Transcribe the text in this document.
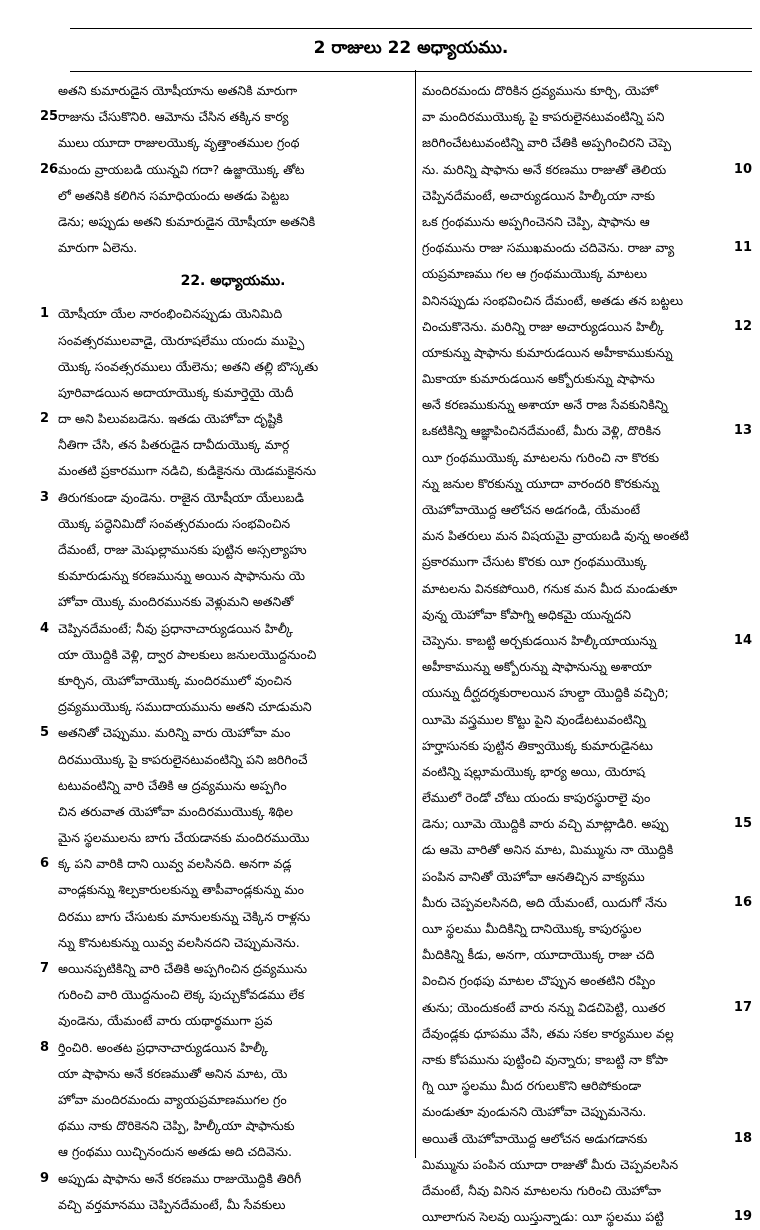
2 రాజులు 22 అధ్యాయము.
అతని కుమారుడైన యోషీయాను అతనికి మారుగా
25 రాజును చేసుకొనిరి. ఆమోను చేసిన తక్కిన కార్య
ములు యూదా రాజులయొక్క వృత్తాంతముల గ్రంథ
26 మందు వ్రాయబడి యున్నవి గదా? ఉజ్జాయొక్క తోట
లో అతనికి కలిగిన సమాధియందు అతడు పెట్టబ
డెను; అప్పుడు అతని కుమారుడైన యోషీయా అతనికి
మారుగా ఏలెను.
22. అధ్యాయము.
1 యోషీయా యేల నారంభించినప్పుడు యెనిమిది
సంవత్సరములవాడై, యెరూషలేము యందు ముప్పై
యొక్క సంవత్సరములు యేలెను; అతని తల్లి బొస్కతు
పూరివాడయిన అదాయాయొక్క కుమార్తెయై యెదీ
2 దా అని పిలువబడెను. ఇతడు యెహోవా దృష్టికి
నీతిగా చేసి, తన పితరుడైన దావీదుయొక్క మార్గ
మంతటి ప్రకారముగా నడిచి, కుడికైనను యెడమకైనను
3 తిరుగకుండా వుండెను. రాజైన యోషీయా యేలుబడి
యొక్క పద్ధెనిమిదో సంవత్సరమందు సంభవించిన
దేమంటే, రాజు మెషుల్లామునకు పుట్టిన అస్సల్యాహు
కుమారుడున్ను కరణమున్ను అయిన షాఫానును యె
హోవా యొక్క మందిరమునకు వెళ్లుమని అతనితో
4 చెప్పినదేమంటే; నీవు ప్రధానాచార్యుడయిన హిల్కీ
యా యొద్దికి వెళ్లి, ద్వార పాలకులు జనులయొద్దనుంచి
కూర్చిన, యెహోవాయొక్క మందిరములో వుంచిన
ద్రవ్యముయొక్క సముదాయమును అతని చూడుమని
5 అతనితో చెప్పుము. మరిన్ని వారు యెహోవా మం
దిరముయొక్క పై కాపరులైనటువంటిన్ని పని జరిగించే
టటువంటిన్ని వారి చేతికి ఆ ద్రవ్యమును అప్పగిం
చిన తరువాత యెహోవా మందిరముయొక్క శిథిల
మైన స్థలములను బాగు చేయడానకు మందిరముయొ
6 క్క పని వారికి దాని యివ్వ వలసినది. అనగా వడ్ల
వాండ్లకున్ను శిల్పకారులకున్ను తాపీవాండ్లకున్ను మం
దిరము బాగు చేసుటకు మానులకున్ను చెక్కిన రాళ్లను
న్ను కొనుటకున్ను యివ్వ వలసినదని చెప్పుమనెను.
7 అయినప్పటికిన్ని వారి చేతికి అప్పగించిన ద్రవ్యమును
గురించి వారి యొద్దనుంచి లెక్క పుచ్చుకోవడము లేక
వుండెను, యేమంటే వారు యథార్థముగా ప్రవ
8 ర్తించిరి. అంతట ప్రధానాచార్యుడయిన హిల్కీ
యా షాఫాను అనే కరణముతో అనిన మాట, యె
హోవా మందిరమందు వ్యాయప్రమాణముగల గ్రం
థము నాకు దొరికెనని చెప్పి, హిల్కీయా షాఫానుకు
ఆ గ్రంథము యిచ్చినందున అతడు అది చదివెను.
9 అప్పుడు షాఫాను అనే కరణము రాజుయొద్దికి తిరిగీ
వచ్చి వర్తమానము చెప్పినదేమంటే, మీ సేవకులు
మందిరమందు దొరికిన ద్రవ్యమును కూర్చి, యెహో
వా మందిరముయొక్క పై కాపరులైనటువంటిన్ని పని
జరిగించేటటువంటిన్ని వారి చేతికి అప్పగించిరని చెప్పె
10
ను. మరిన్ని షాఫాను అనే కరణము రాజుతో తెలియ
చెప్పినదేమంటే, అచార్యుడయిన హిల్కీయా నాకు
ఒక గ్రంథమును అప్పగించెనని చెప్పి, షాఫాను ఆ
11
గ్రంథమును రాజు సముఖమందు చదివెను. రాజు వ్యా
యప్రమాణము గల ఆ గ్రంథముయొక్క మాటలు
వినినప్పుడు సంభవించిన దేమంటే, అతడు తన బట్టలు
12
చించుకొనెను. మరిన్ని రాజు అచార్యుడయిన హిల్కీ
యాకున్ను షాఫాను కుమారుడయిన అహీకాముకున్ను
మికాయా కుమారుడయిన అక్బోరుకున్ను షాఫాను
అనే కరణముకున్ను అశాయా అనే రాజ సేవకునికిన్ని
13
ఒకటికిన్ని ఆజ్ఞాపించినదేమంటే, మీరు వెళ్లి, దొరికిన
యీ గ్రంథముయొక్క మాటలను గురించి నా కొరకు
న్ను జనుల కొరకున్ను యూదా వారందరి కొరకున్ను
యెహోవాయొద్ద ఆలోచన అడగండి, యేమంటే
మన పితరులు మన విషయమై వ్రాయబడి వున్న అంతటి
ప్రకారముగా చేసుట కొరకు యీ గ్రంథముయొక్క
మాటలను వినకపోయిరి, గనుక మన మీద మండుతూ
వున్న యెహోవా కోపాగ్ని అధికమై యున్నదని
14
చెప్పెను. కాబట్టి అర్చకుడయిన హిల్కీయాయున్ను
అహీకామున్ను అక్బోరున్ను షాఫానున్ను అశాయా
యున్ను దీర్ఘదర్శకురాలయిన హుల్దా యొద్దికి వచ్చిరి;
యీమె వస్త్రముల కొట్టు పైని వుండేటటువంటిన్ని
హర్హాసునకు పుట్టిన తిక్వాయొక్క కుమారుడైనటు
వంటిన్ని షల్లూమయొక్క భార్య అయి, యెరూష
లేములో రెండో చోటు యందు కాపురస్థురాలై వుం
15
డెను; యీమె యొద్దికి వారు వచ్చి మాట్లాడిరి. అప్పు
డు ఆమె వారితో అనిన మాట, మిమ్మును నా యొద్దికి
పంపిన వానితో యెహోవా ఆనతిచ్చిన వాక్యము
16
మీరు చెప్పవలసినది, అది యేమంటే, యిదుగో నేను
యీ స్థలము మీదికిన్ని దానియొక్క కాపురస్థుల
మీదికిన్ని కీడు, అనగా, యూదాయొక్క రాజు చది
వించిన గ్రంథపు మాటల చొప్పున అంతటిని రప్పిం
17
తును; యెందుకంటే వారు నన్ను విడచిపెట్టి, యితర
దేవుండ్లకు ధూపము వేసి, తమ సకల కార్యముల వల్ల
నాకు కోపమును పుట్టించి వున్నారు; కాబట్టి నా కోపా
గ్ని యీ స్థలము మీద రగులుకొని ఆరిపోకుండా
మండుతూ వుండునని యెహోవా చెప్పుమనెను.
18
అయితే యెహోవాయొద్ద ఆలోచన అడుగడానకు
మిమ్మును పంపిన యూదా రాజుతో మీరు చెప్పవలసిన
దేమంటే, నీవు వినిన మాటలను గురించి యెహోవా
19
యీలాగున సెలవు యిస్తున్నాడు: యీ స్థలము పట్టి
